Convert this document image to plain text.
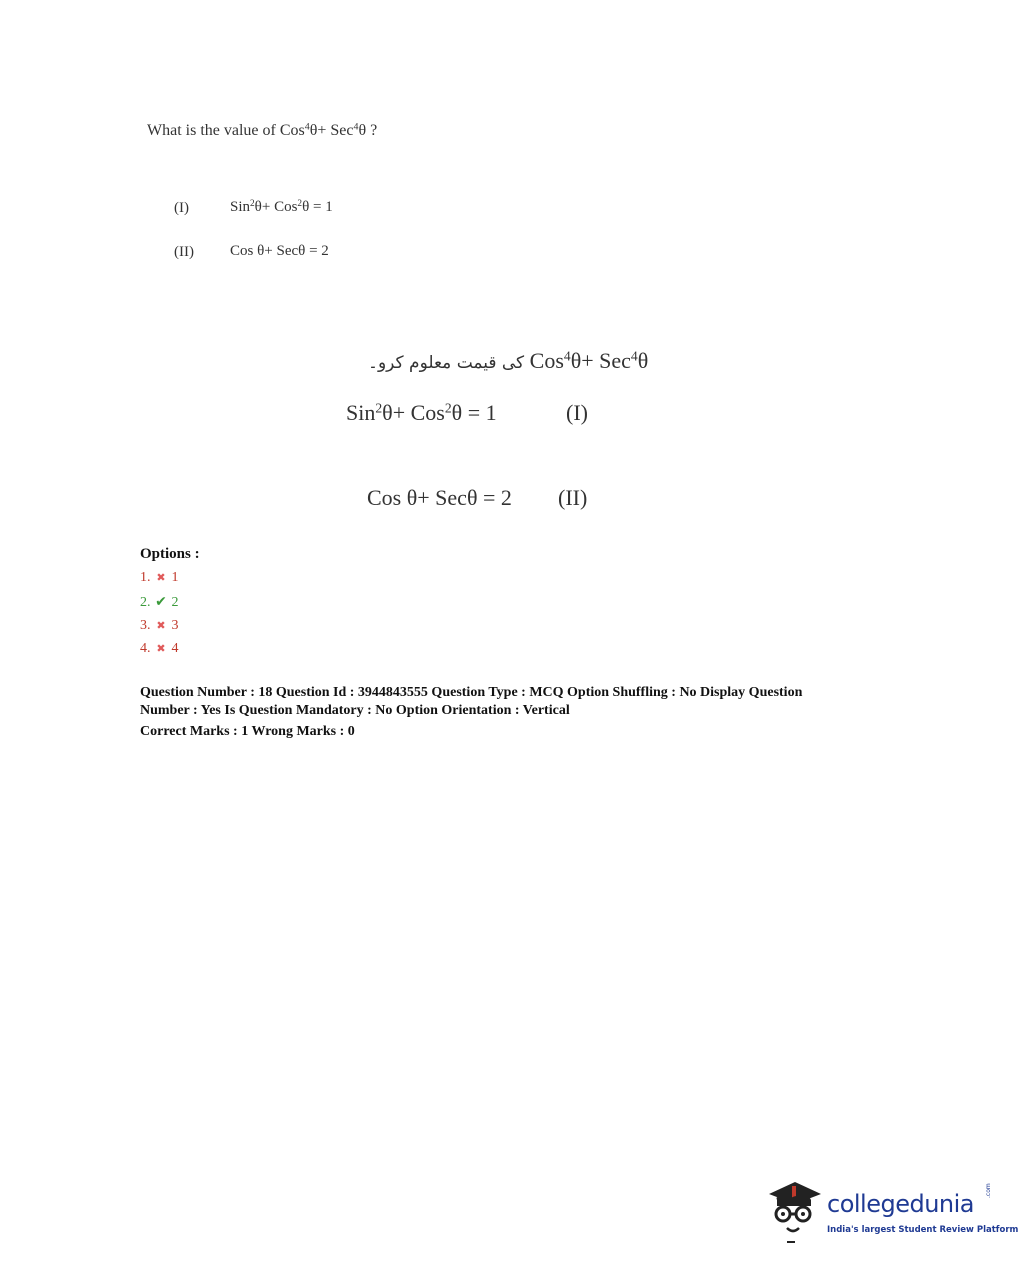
What is the value of Cos$^4$θ+ Sec$^4$θ ?
(I)	Sin$^2$θ+ Cos$^2$θ = 1
(II) Cos θ+ Secθ = 2
کی قیمت معلوم کرو۔ Cos$^4$θ+ Sec$^4$θ
Sin$^2$θ+ Cos$^2$θ = 1	(I)
Cos θ+ Secθ = 2 (II)
Options :
1. ✖ 1
2. ✔ 2
3. ✖ 3
4. ✖ 4
Question Number : 18 Question Id : 3944843555 Question Type : MCQ Option Shuffling : No Display Question
Number : Yes Is Question Mandatory : No Option Orientation : Vertical
Correct Marks : 1 Wrong Marks : 0
collegedunia .com
India's largest Student Review Platform
